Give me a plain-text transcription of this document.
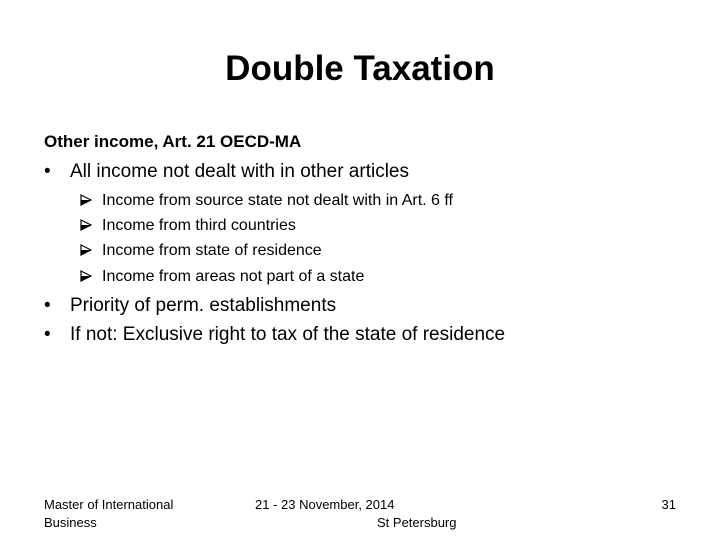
Double Taxation
Other income, Art. 21 OECD-MA
• All income not dealt with in other articles
Income from source state not dealt with in Art. 6 ff
Income from third countries
Income from state of residence
Income from areas not part of a state
• Priority of perm. establishments
• If not: Exclusive right to tax of the state of residence
Master of International Business
21 - 23 November, 2014
St Petersburg
31
